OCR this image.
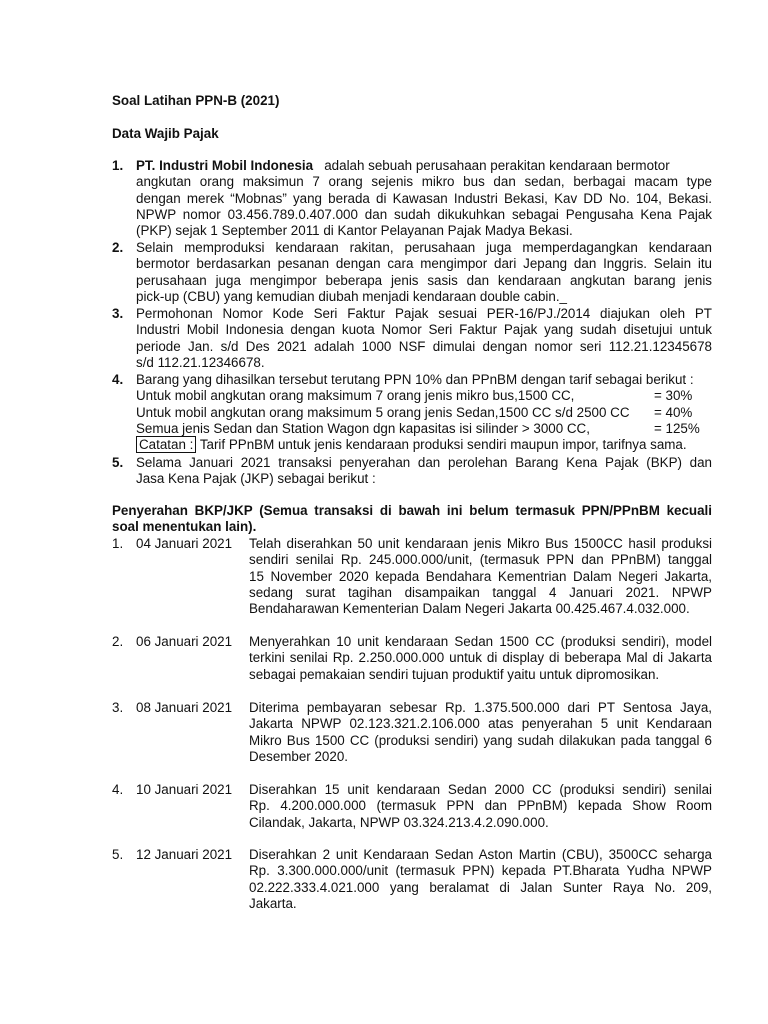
Soal Latihan PPN-B (2021)
Data Wajib Pajak
1. PT. Industri Mobil Indonesia adalah sebuah perusahaan perakitan kendaraan bermotor
angkutan orang maksimun 7 orang sejenis mikro bus dan sedan, berbagai macam type
dengan merek “Mobnas” yang berada di Kawasan Industri Bekasi, Kav DD No. 104, Bekasi.
NPWP nomor 03.456.789.0.407.000 dan sudah dikukuhkan sebagai Pengusaha Kena Pajak
(PKP) sejak 1 September 2011 di Kantor Pelayanan Pajak Madya Bekasi.
2. Selain memproduksi kendaraan rakitan, perusahaan juga memperdagangkan kendaraan
bermotor berdasarkan pesanan dengan cara mengimpor dari Jepang dan Inggris. Selain itu
perusahaan juga mengimpor beberapa jenis sasis dan kendaraan angkutan barang jenis
pick-up (CBU) yang kemudian diubah menjadi kendaraan double cabin._
3. Permohonan Nomor Kode Seri Faktur Pajak sesuai PER-16/PJ./2014 diajukan oleh PT
Industri Mobil Indonesia dengan kuota Nomor Seri Faktur Pajak yang sudah disetujui untuk
periode Jan. s/d Des 2021 adalah 1000 NSF dimulai dengan nomor seri 112.21.12345678
s/d 112.21.12346678.
4. Barang yang dihasilkan tersebut terutang PPN 10% dan PPnBM dengan tarif sebagai berikut :
Untuk mobil angkutan orang maksimum 7 orang jenis mikro bus,1500 CC,	= 30%
Untuk mobil angkutan orang maksimum 5 orang jenis Sedan,1500 CC s/d 2500 CC	= 40%
Semua jenis Sedan dan Station Wagon dgn kapasitas isi silinder > 3000 CC,	= 125%
Catatan : Tarif PPnBM untuk jenis kendaraan produksi sendiri maupun impor, tarifnya sama.
5. Selama Januari 2021 transaksi penyerahan dan perolehan Barang Kena Pajak (BKP) dan
Jasa Kena Pajak (JKP) sebagai berikut :
Penyerahan BKP/JKP (Semua transaksi di bawah ini belum termasuk PPN/PPnBM kecuali
soal menentukan lain).
1. 04 Januari 2021 Telah diserahkan 50 unit kendaraan jenis Mikro Bus 1500CC hasil produksi
sendiri senilai Rp. 245.000.000/unit, (termasuk PPN dan PPnBM) tanggal
15 November 2020 kepada Bendahara Kementrian Dalam Negeri Jakarta,
sedang surat tagihan disampaikan tanggal 4 Januari 2021. NPWP
Bendaharawan Kementerian Dalam Negeri Jakarta 00.425.467.4.032.000.
2. 06 Januari 2021 Menyerahkan 10 unit kendaraan Sedan 1500 CC (produksi sendiri), model
terkini senilai Rp. 2.250.000.000 untuk di display di beberapa Mal di Jakarta
sebagai pemakaian sendiri tujuan produktif yaitu untuk dipromosikan.
3. 08 Januari 2021 Diterima pembayaran sebesar Rp. 1.375.500.000 dari PT Sentosa Jaya,
Jakarta NPWP 02.123.321.2.106.000 atas penyerahan 5 unit Kendaraan
Mikro Bus 1500 CC (produksi sendiri) yang sudah dilakukan pada tanggal 6
Desember 2020.
4. 10 Januari 2021 Diserahkan 15 unit kendaraan Sedan 2000 CC (produksi sendiri) senilai
Rp. 4.200.000.000 (termasuk PPN dan PPnBM) kepada Show Room
Cilandak, Jakarta, NPWP 03.324.213.4.2.090.000.
5. 12 Januari 2021 Diserahkan 2 unit Kendaraan Sedan Aston Martin (CBU), 3500CC seharga
Rp. 3.300.000.000/unit (termasuk PPN) kepada PT.Bharata Yudha NPWP
02.222.333.4.021.000 yang beralamat di Jalan Sunter Raya No. 209,
Jakarta.
